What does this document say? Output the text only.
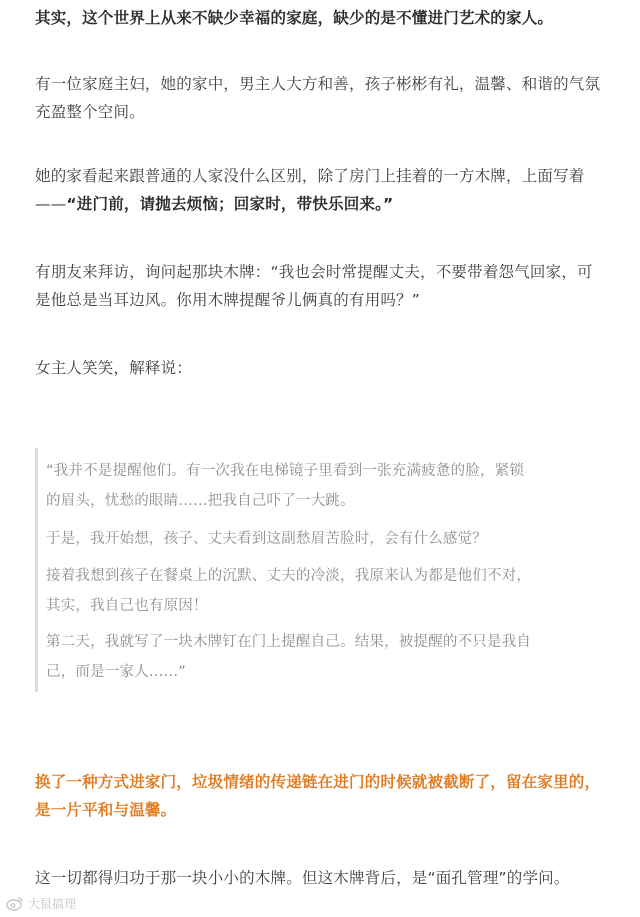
其实，这个世界上从来不缺少幸福的家庭，缺少的是不懂进门艺术的家人。

有一位家庭主妇，她的家中，男主人大方和善，孩子彬彬有礼，温馨、和谐的气氛
充盈整个空间。

她的家看起来跟普通的人家没什么区别，除了房门上挂着的一方木牌，上面写着
——“进门前，请抛去烦恼；回家时，带快乐回来。”

有朋友来拜访，询问起那块木牌：“我也会时常提醒丈夫，不要带着怨气回家，可
是他总是当耳边风。你用木牌提醒爷儿俩真的有用吗？”

女主人笑笑，解释说：

“我并不是提醒他们。有一次我在电梯镜子里看到一张充满疲惫的脸，紧锁
的眉头，忧愁的眼睛……把我自己吓了一大跳。

于是，我开始想，孩子、丈夫看到这副愁眉苦脸时，会有什么感觉？

接着我想到孩子在餐桌上的沉默、丈夫的冷淡，我原来认为都是他们不对，
其实，我自己也有原因！

第二天，我就写了一块木牌钉在门上提醒自己。结果，被提醒的不只是我自
己，而是一家人……”

换了一种方式进家门，垃圾情绪的传递链在进门的时候就被截断了，留在家里的，
是一片平和与温馨。

这一切都得归功于那一块小小的木牌。但这木牌背后，是“面孔管理”的学问。

大鼠搞理
